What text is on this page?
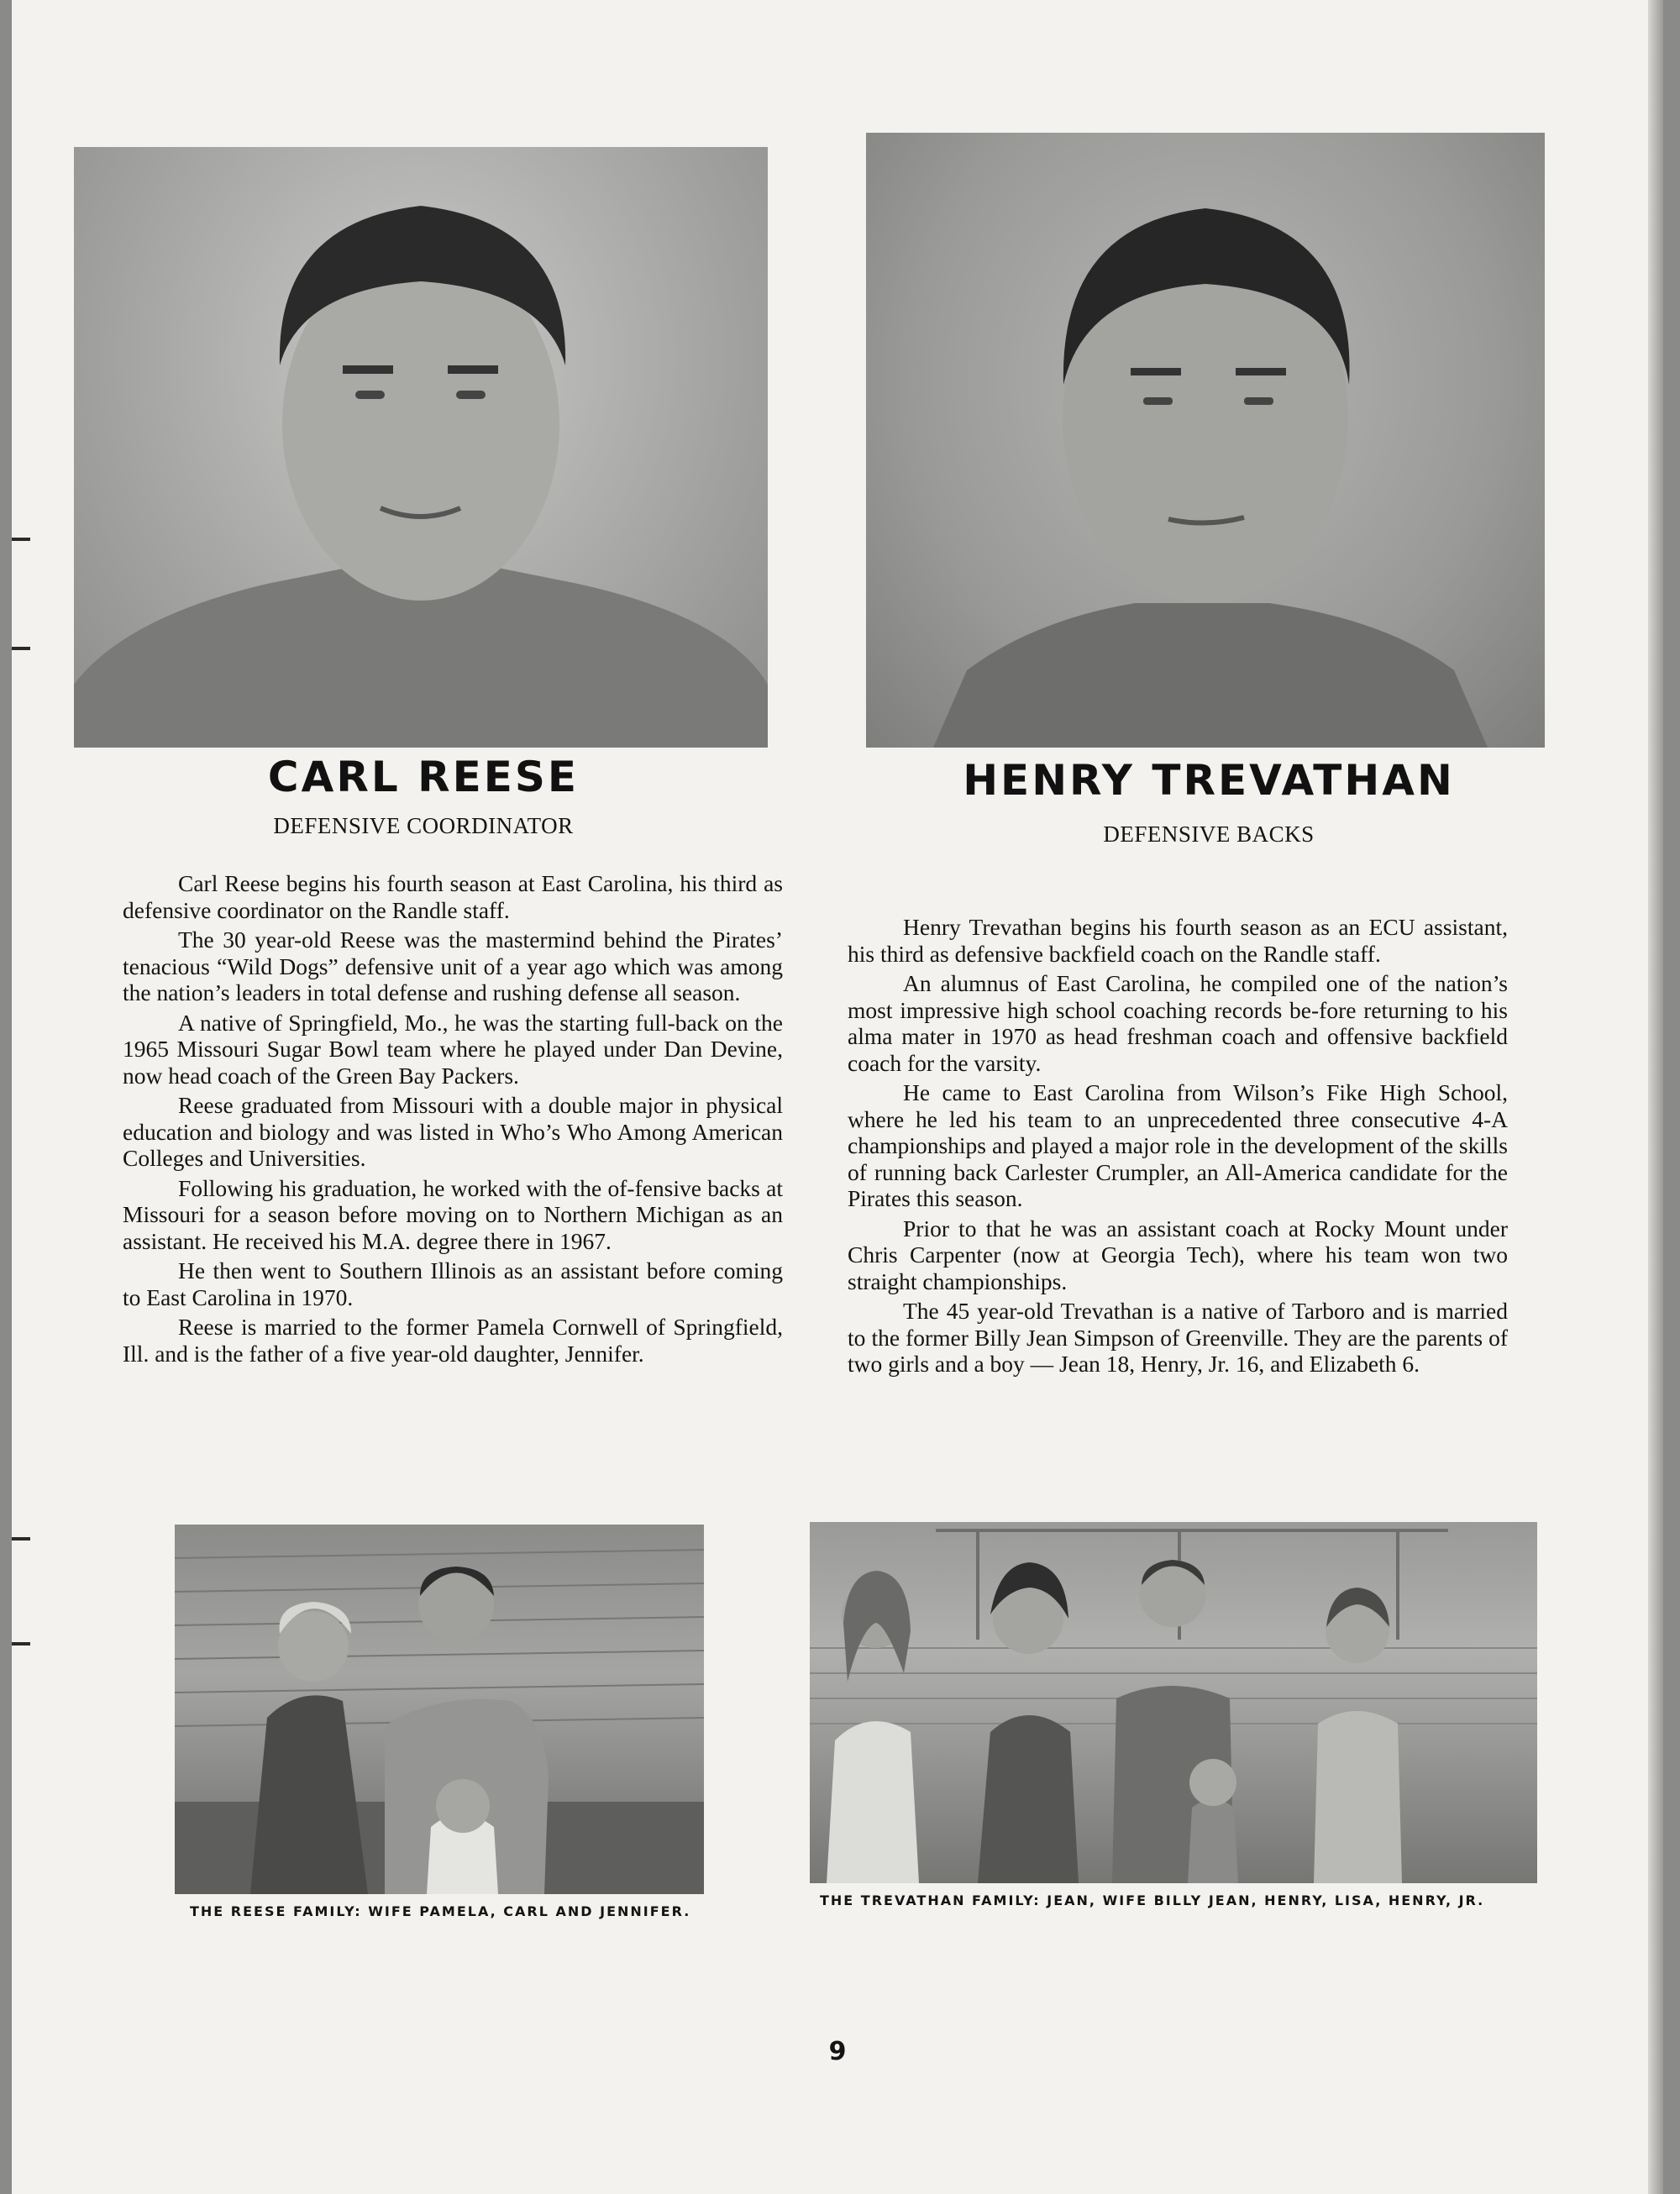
CARL REESE
DEFENSIVE COORDINATOR
HENRY TREVATHAN
DEFENSIVE BACKS

Carl Reese begins his fourth season at East Carolina, his third as defensive coordinator on the Randle staff.

The 30 year-old Reese was the mastermind behind the Pirates’ tenacious “Wild Dogs” defensive unit of a year ago which was among the nation’s leaders in total defense and rushing defense all season.

A native of Springfield, Mo., he was the starting full-back on the 1965 Missouri Sugar Bowl team where he played under Dan Devine, now head coach of the Green Bay Packers.

Reese graduated from Missouri with a double major in physical education and biology and was listed in Who’s Who Among American Colleges and Universities.

Following his graduation, he worked with the of-fensive backs at Missouri for a season before moving on to Northern Michigan as an assistant. He received his M.A. degree there in 1967.

He then went to Southern Illinois as an assistant before coming to East Carolina in 1970.

Reese is married to the former Pamela Cornwell of Springfield, Ill. and is the father of a five year-old daughter, Jennifer.

Henry Trevathan begins his fourth season as an ECU assistant, his third as defensive backfield coach on the Randle staff.

An alumnus of East Carolina, he compiled one of the nation’s most impressive high school coaching records be-fore returning to his alma mater in 1970 as head freshman coach and offensive backfield coach for the varsity.

He came to East Carolina from Wilson’s Fike High School, where he led his team to an unprecedented three consecutive 4-A championships and played a major role in the development of the skills of running back Carlester Crumpler, an All-America candidate for the Pirates this season.

Prior to that he was an assistant coach at Rocky Mount under Chris Carpenter (now at Georgia Tech), where his team won two straight championships.

The 45 year-old Trevathan is a native of Tarboro and is married to the former Billy Jean Simpson of Greenville. They are the parents of two girls and a boy — Jean 18, Henry, Jr. 16, and Elizabeth 6.

THE REESE FAMILY: WIFE PAMELA, CARL AND JENNIFER.
THE TREVATHAN FAMILY: JEAN, WIFE BILLY JEAN, HENRY, LISA, HENRY, JR.
9
